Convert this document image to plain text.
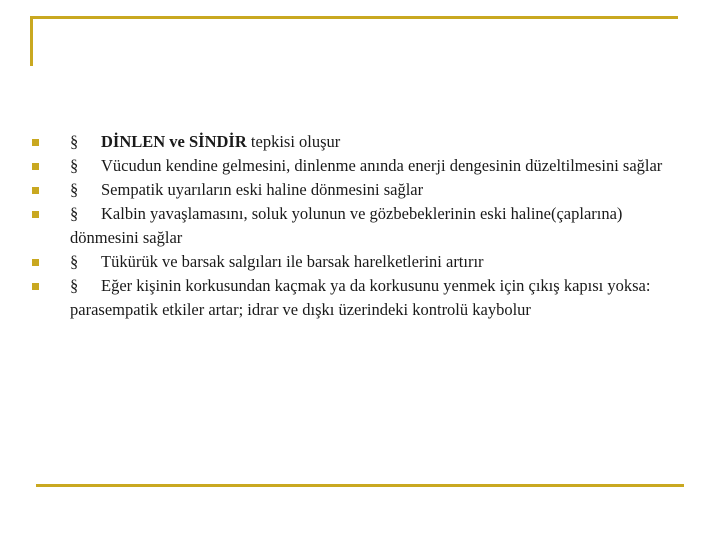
§ DİNLEN ve SİNDİR tepkisi oluşur
§ Vücudun kendine gelmesini, dinlenme anında enerji dengesinin düzeltilmesini sağlar
§ Sempatik uyarıların eski haline dönmesini sağlar
§ Kalbin yavaşlamasını, soluk yolunun ve gözbebeklerinin eski haline(çaplarına) dönmesini sağlar
§ Tükürük ve barsak salgıları ile barsak harelketlerini artırır
§ Eğer kişinin korkusundan kaçmak ya da korkusunu yenmek için çıkış kapısı yoksa: parasempatik etkiler artar; idrar ve dışkı üzerindeki kontrolü kaybolur
